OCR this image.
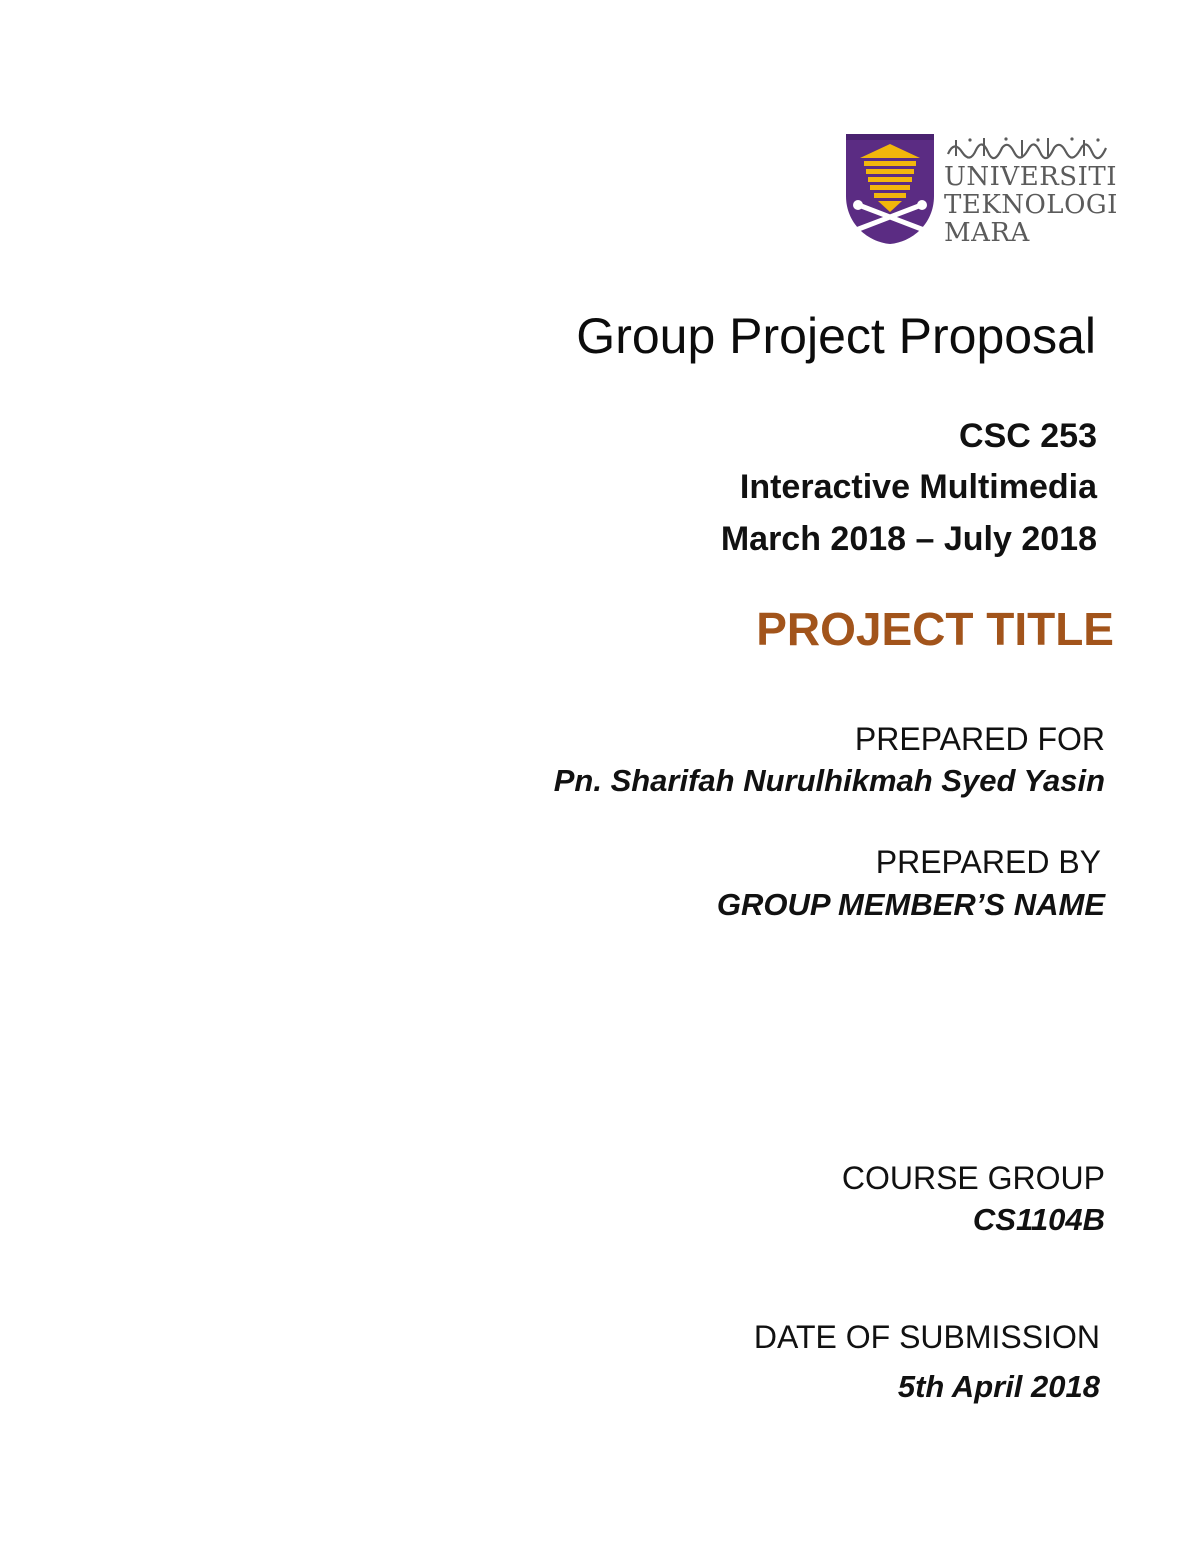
UNIVERSITI
TEKNOLOGI
MARA
Group Project Proposal
CSC 253
Interactive Multimedia
March 2018 – July 2018
PROJECT TITLE
PREPARED FOR
Pn. Sharifah Nurulhikmah Syed Yasin
PREPARED BY
GROUP MEMBER’S NAME
COURSE GROUP
CS1104B
DATE OF SUBMISSION
5th April 2018
